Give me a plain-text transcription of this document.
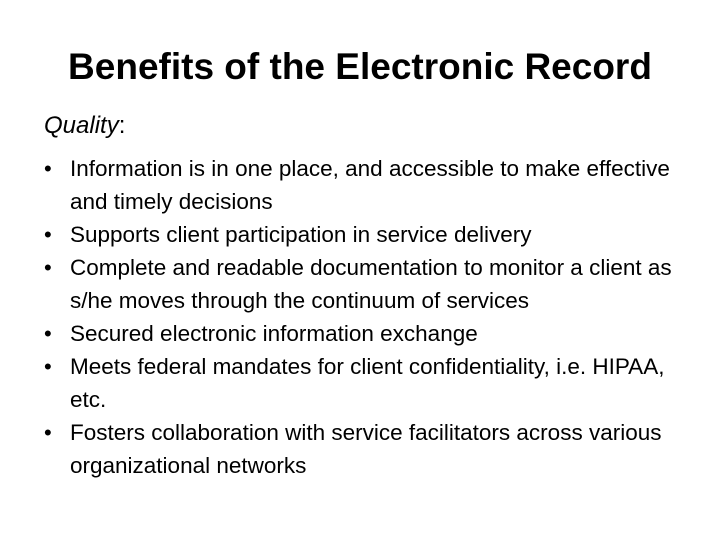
Benefits of the Electronic Record
Quality:
• Information is in one place, and accessible to make effective and timely decisions
• Supports client participation in service delivery
• Complete and readable documentation to monitor a client as s/he moves through the continuum of services
• Secured electronic information exchange
• Meets federal mandates for client confidentiality, i.e. HIPAA, etc.
• Fosters collaboration with service facilitators across various organizational networks
